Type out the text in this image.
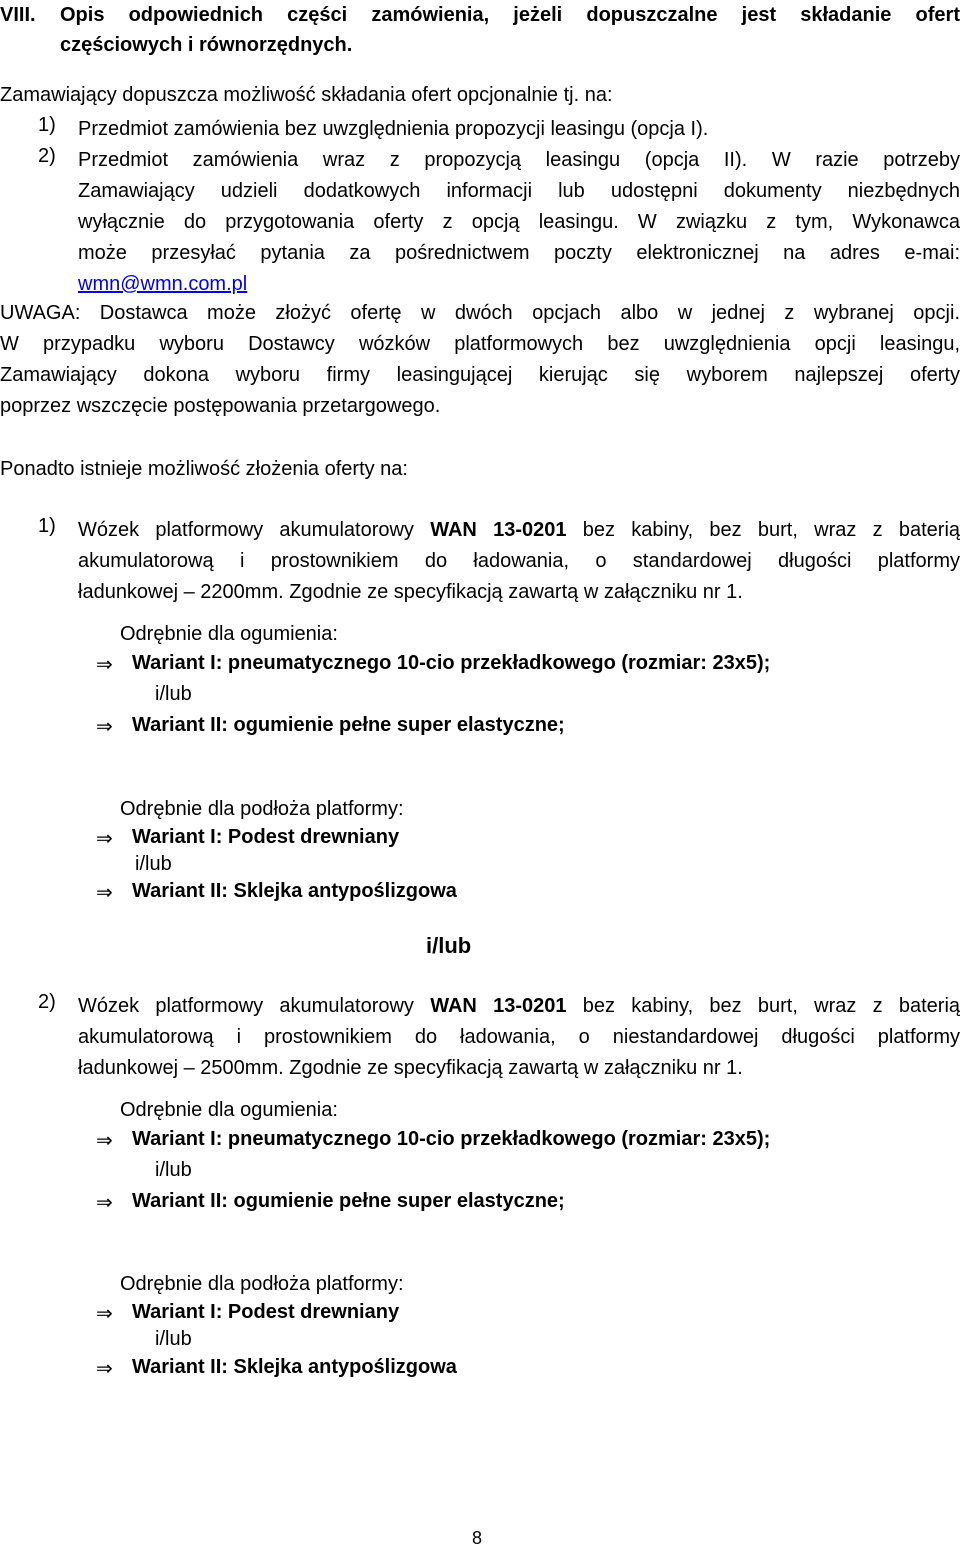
VIII. Opis odpowiednich części zamówienia, jeżeli dopuszczalne jest składanie ofert
częściowych i równorzędnych.
Zamawiający dopuszcza możliwość składania ofert opcjonalnie tj. na:
1) Przedmiot zamówienia bez uwzględnienia propozycji leasingu (opcja I).
2) Przedmiot zamówienia wraz z propozycją leasingu (opcja II). W razie potrzeby
Zamawiający udzieli dodatkowych informacji lub udostępni dokumenty niezbędnych
wyłącznie do przygotowania oferty z opcją leasingu. W związku z tym, Wykonawca
może przesyłać pytania za pośrednictwem poczty elektronicznej na adres e-mai:
wmn@wmn.com.pl
UWAGA: Dostawca może złożyć ofertę w dwóch opcjach albo w jednej z wybranej opcji.
W przypadku wyboru Dostawcy wózków platformowych bez uwzględnienia opcji leasingu,
Zamawiający dokona wyboru firmy leasingującej kierując się wyborem najlepszej oferty
poprzez wszczęcie postępowania przetargowego.
Ponadto istnieje możliwość złożenia oferty na:
1) Wózek platformowy akumulatorowy WAN 13-0201 bez kabiny, bez burt, wraz z baterią
akumulatorową i prostownikiem do ładowania, o standardowej długości platformy
ładunkowej – 2200mm. Zgodnie ze specyfikacją zawartą w załączniku nr 1.
Odrębnie dla ogumienia:
⇒ Wariant I: pneumatycznego 10-cio przekładkowego (rozmiar: 23x5);
i/lub
⇒ Wariant II: ogumienie pełne super elastyczne;
Odrębnie dla podłoża platformy:
⇒ Wariant I: Podest drewniany
i/lub
⇒ Wariant II: Sklejka antypoślizgowa
i/lub
2) Wózek platformowy akumulatorowy WAN 13-0201 bez kabiny, bez burt, wraz z baterią
akumulatorową i prostownikiem do ładowania, o niestandardowej długości platformy
ładunkowej – 2500mm. Zgodnie ze specyfikacją zawartą w załączniku nr 1.
Odrębnie dla ogumienia:
⇒ Wariant I: pneumatycznego 10-cio przekładkowego (rozmiar: 23x5);
i/lub
⇒ Wariant II: ogumienie pełne super elastyczne;
Odrębnie dla podłoża platformy:
⇒ Wariant I: Podest drewniany
i/lub
⇒ Wariant II: Sklejka antypoślizgowa
8
